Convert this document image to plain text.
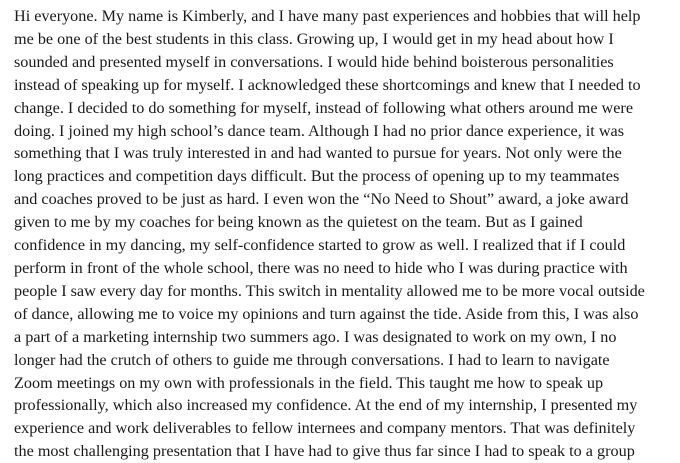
Hi everyone. My name is Kimberly, and I have many past experiences and hobbies that will help
me be one of the best students in this class. Growing up, I would get in my head about how I
sounded and presented myself in conversations. I would hide behind boisterous personalities
instead of speaking up for myself. I acknowledged these shortcomings and knew that I needed to
change. I decided to do something for myself, instead of following what others around me were
doing. I joined my high school’s dance team. Although I had no prior dance experience, it was
something that I was truly interested in and had wanted to pursue for years. Not only were the
long practices and competition days difficult. But the process of opening up to my teammates
and coaches proved to be just as hard. I even won the “No Need to Shout” award, a joke award
given to me by my coaches for being known as the quietest on the team. But as I gained
confidence in my dancing, my self-confidence started to grow as well. I realized that if I could
perform in front of the whole school, there was no need to hide who I was during practice with
people I saw every day for months. This switch in mentality allowed me to be more vocal outside
of dance, allowing me to voice my opinions and turn against the tide. Aside from this, I was also
a part of a marketing internship two summers ago. I was designated to work on my own, I no
longer had the crutch of others to guide me through conversations. I had to learn to navigate
Zoom meetings on my own with professionals in the field. This taught me how to speak up
professionally, which also increased my confidence. At the end of my internship, I presented my
experience and work deliverables to fellow internees and company mentors. That was definitely
the most challenging presentation that I have had to give thus far since I had to speak to a group
